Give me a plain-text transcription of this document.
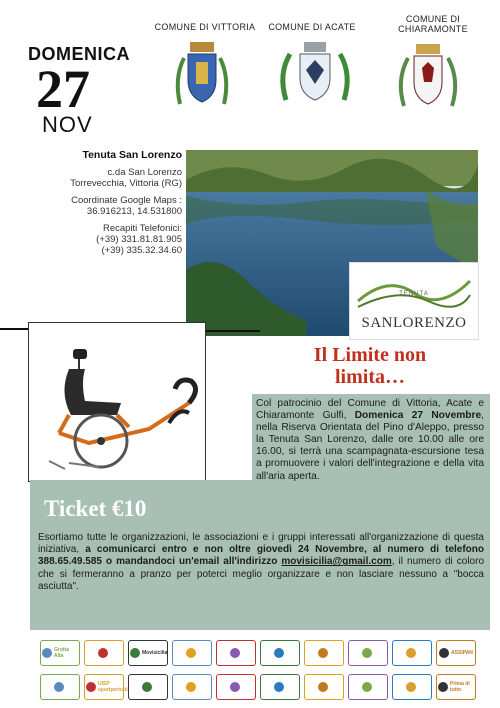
COMUNE DI VITTORIA	COMUNE DI ACATE
COMUNE DI
CHIARAMONTE
DOMENICA
27
NOV
Tenuta San Lorenzo
c.da San Lorenzo
Torrevecchia, Vittoria (RG)
Coordinate Google Maps :
36.916213, 14.531800
Recapiti Telefonici:
(+39) 331.81.81.905
(+39) 335.32.34.60
TENUTA
SANLORENZO
Il Limite non
limita…
Col patrocinio del Comune di Vittoria, Acate e Chiaramonte Gulfi, Domenica 27 Novembre, nella Riserva Orientata del Pino d'Aleppo, presso la Tenuta San Lorenzo, dalle ore 10.00 alle ore 16.00, si terrà una scampagnata-escursione tesa a promuovere i valori dell'integrazione e della vita all'aria aperta.
Ticket €10
Esortiamo tutte le organizzazioni, le associazioni e i gruppi interessati all'organizzazione di questa iniziativa, a comunicarci entro e non oltre giovedì 24 Novembre, al numero di telefono 388.65.49.585 o mandandoci un'email all'indirizzo movisicilia@gmail.com, il numero di coloro che si fermeranno a pranzo per poterci meglio organizzare e non lasciare nessuno a "bocca asciutta".
Grotta Alta	Movisicilia	ASSIPAN
UISP sportpertutti
Prima di tutto
